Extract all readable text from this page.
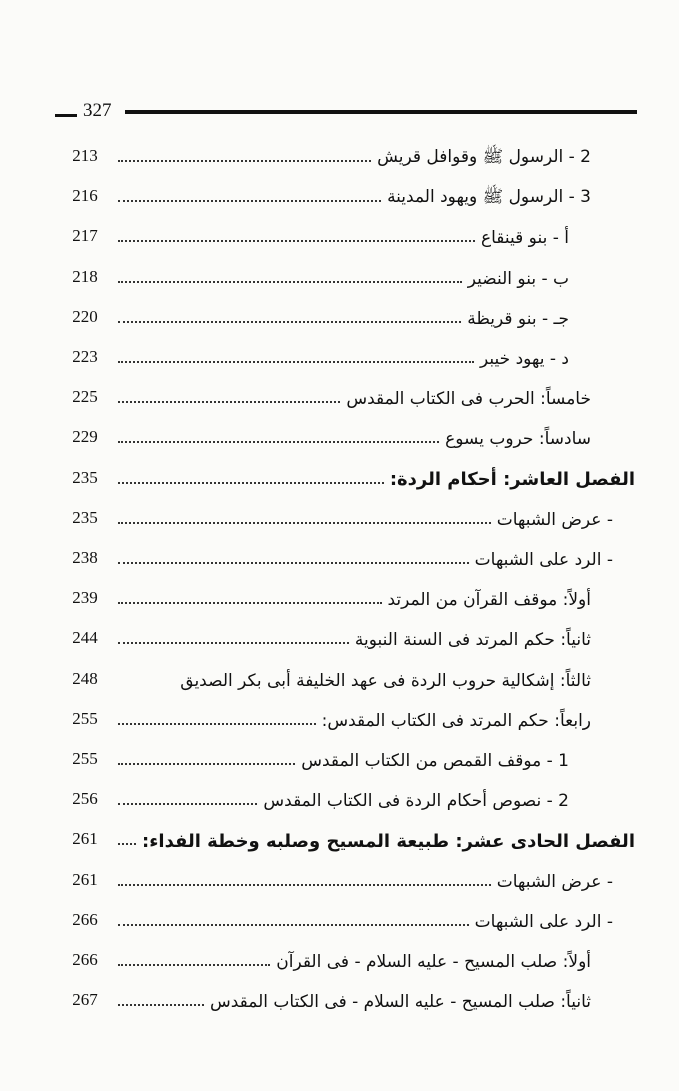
327
213	2 - الرسول ﷺ وقوافل قريش
216	3 - الرسول ﷺ ويهود المدينة
217	أ - بنو قينقاع
218	ب - بنو النضير
220	جـ - بنو قريظة
223	د - يهود خيبر
225	خامساً: الحرب فى الكتاب المقدس
229	سادساً: حروب يسوع
235	الفصل العاشر: أحكام الردة:
235	- عرض الشبهات
238	- الرد على الشبهات
239	أولاً: موقف القرآن من المرتد
244	ثانياً: حكم المرتد فى السنة النبوية
248	ثالثاً: إشكالية حروب الردة فى عهد الخليفة أبى بكر الصديق
255	رابعاً: حكم المرتد فى الكتاب المقدس:
255	1 - موقف القمص من الكتاب المقدس
256	2 - نصوص أحكام الردة فى الكتاب المقدس
261	الفصل الحادى عشر: طبيعة المسيح وصلبه وخطة الفداء:
261	- عرض الشبهات
266	- الرد على الشبهات
266	أولاً: صلب المسيح - عليه السلام - فى القرآن
267	ثانياً: صلب المسيح - عليه السلام - فى الكتاب المقدس
